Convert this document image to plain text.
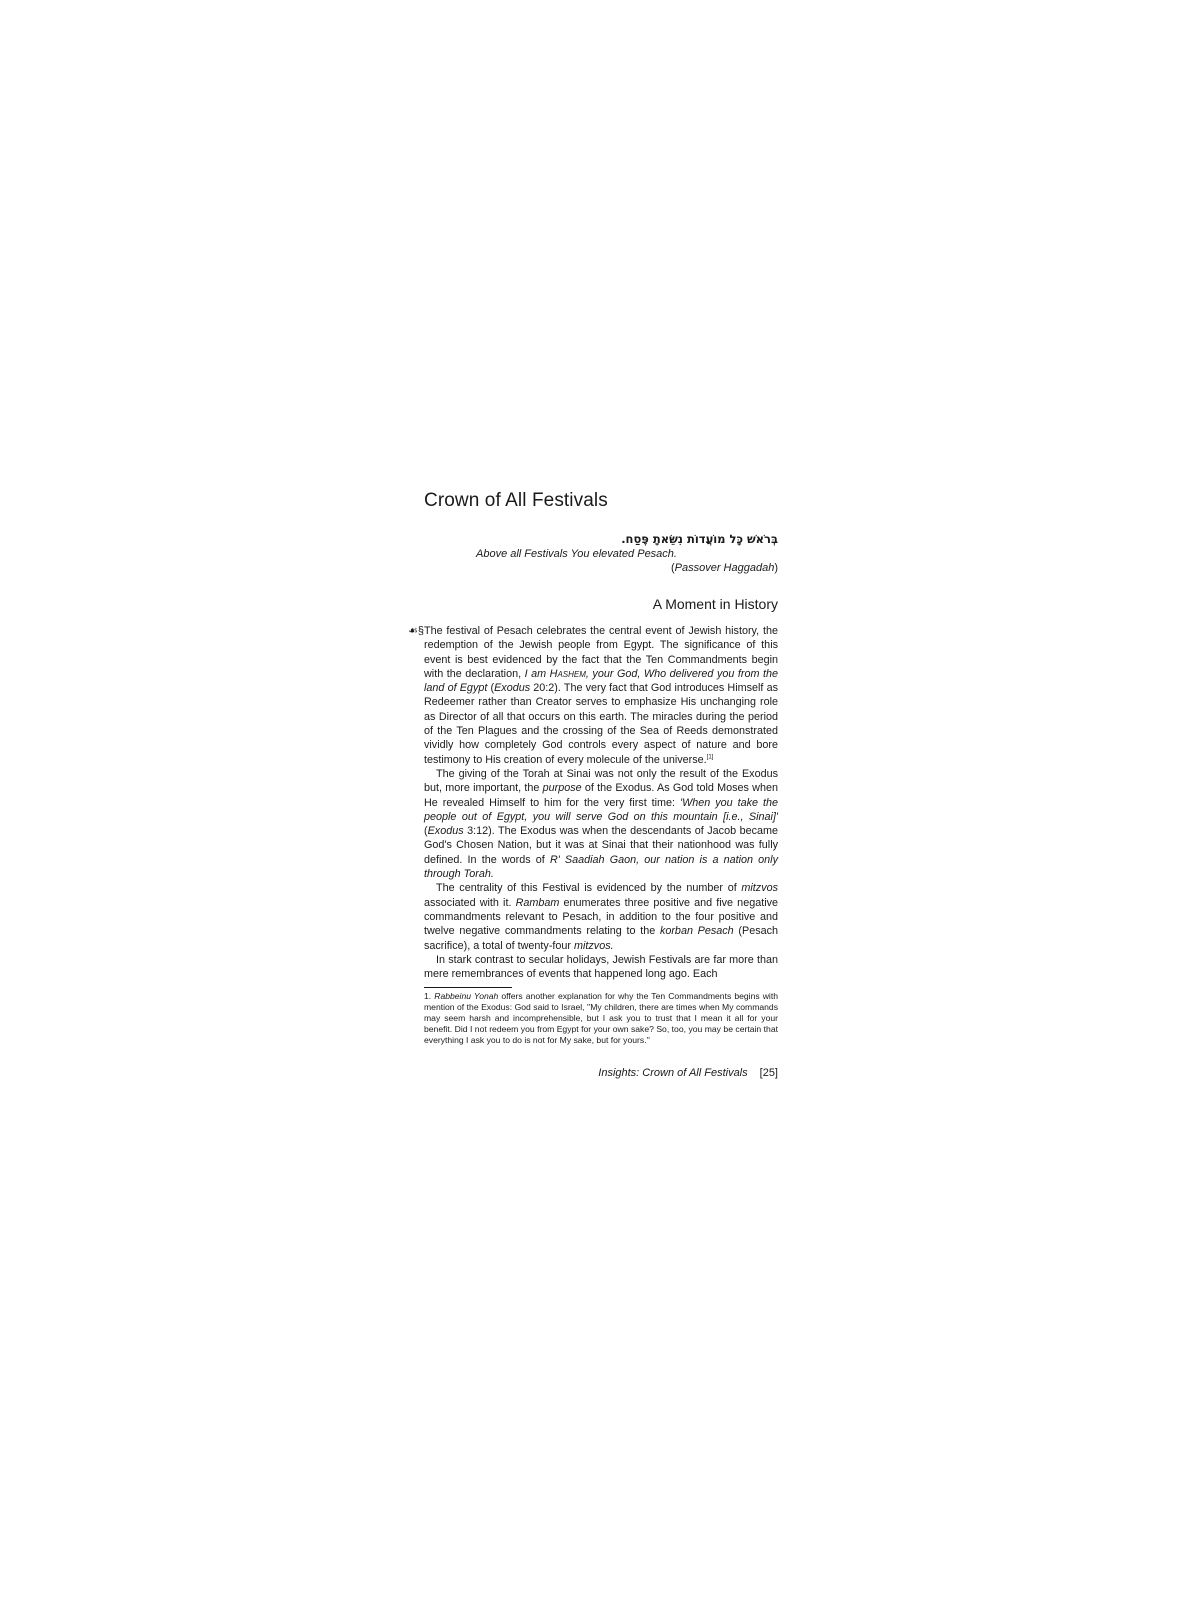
Crown of All Festivals
בְּרֹאשׁ כָּל מוֹעֲדוֹת נִשֵּׂאתָ פֶּסַח.
Above all Festivals You elevated Pesach.
(Passover Haggadah)
A Moment in History

☙§ The festival of Pesach celebrates the central event of Jewish history, the redemption of the Jewish people from Egypt. The significance of this event is best evidenced by the fact that the Ten Commandments begin with the declaration, I am Hashem, your God, Who delivered you from the land of Egypt (Exodus 20:2). The very fact that God introduces Himself as Redeemer rather than Creator serves to emphasize His unchanging role as Director of all that occurs on this earth. The miracles during the period of the Ten Plagues and the crossing of the Sea of Reeds demonstrated vividly how completely God controls every aspect of nature and bore testimony to His creation of every molecule of the universe.[1]

The giving of the Torah at Sinai was not only the result of the Exodus but, more important, the purpose of the Exodus. As God told Moses when He revealed Himself to him for the very first time: 'When you take the people out of Egypt, you will serve God on this mountain [i.e., Sinai]' (Exodus 3:12). The Exodus was when the descendants of Jacob became God's Chosen Nation, but it was at Sinai that their nationhood was fully defined. In the words of R' Saadiah Gaon, our nation is a nation only through Torah.

The centrality of this Festival is evidenced by the number of mitzvos associated with it. Rambam enumerates three positive and five negative commandments relevant to Pesach, in addition to the four positive and twelve negative commandments relating to the korban Pesach (Pesach sacrifice), a total of twenty-four mitzvos.

In stark contrast to secular holidays, Jewish Festivals are far more than mere remembrances of events that happened long ago. Each

1. Rabbeinu Yonah offers another explanation for why the Ten Commandments begins with mention of the Exodus: God said to Israel, ''My children, there are times when My commands may seem harsh and incomprehensible, but I ask you to trust that I mean it all for your benefit. Did I not redeem you from Egypt for your own sake? So, too, you may be certain that everything I ask you to do is not for My sake, but for yours.''
Insights: Crown of All Festivals [25]
